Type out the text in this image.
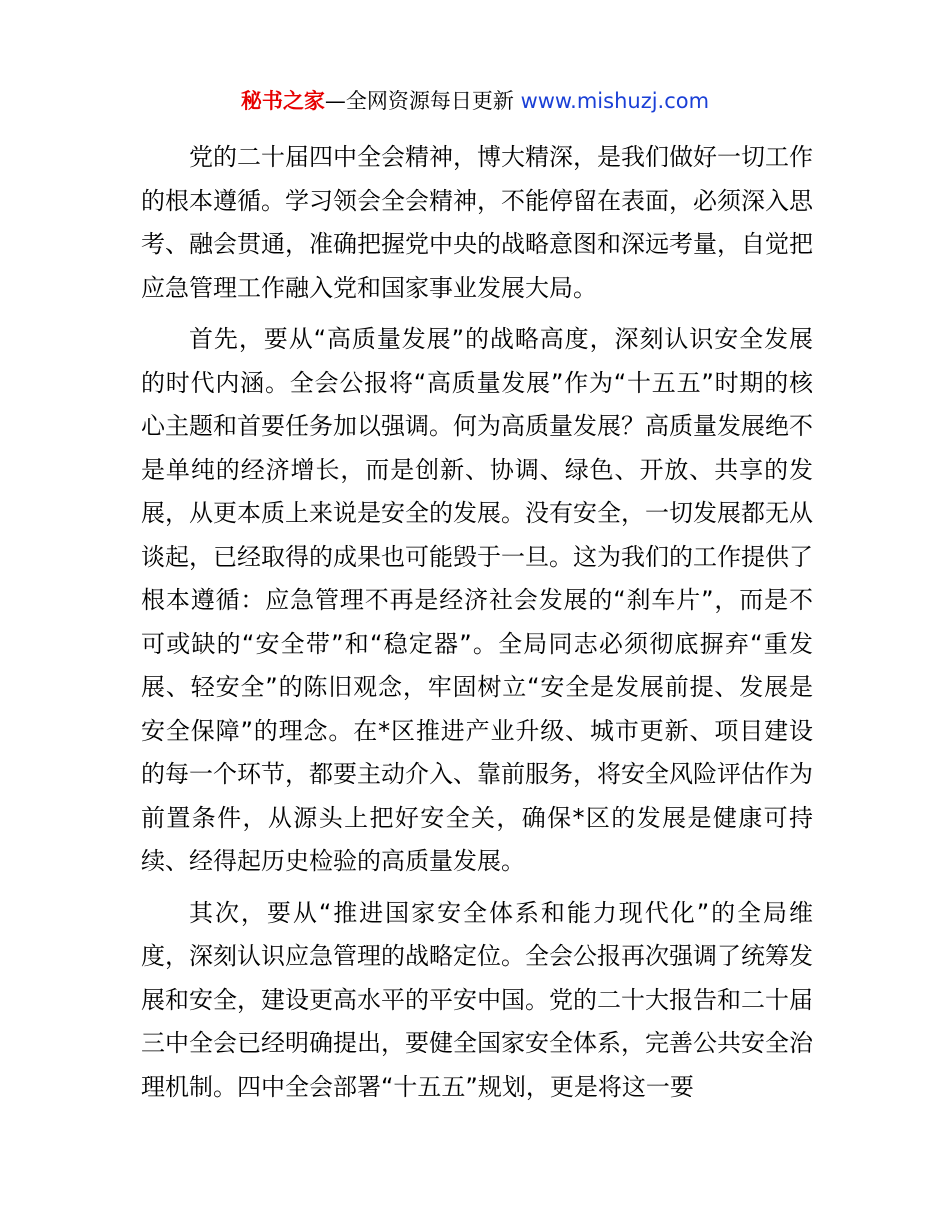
秘书之家—全网资源每日更新 www.mishuzj.com

党的二十届四中全会精神，博大精深，是我们做好一切工作的根本遵循。学习领会全会精神，不能停留在表面，必须深入思考、融会贯通，准确把握党中央的战略意图和深远考量，自觉把应急管理工作融入党和国家事业发展大局。

首先，要从“高质量发展”的战略高度，深刻认识安全发展的时代内涵。全会公报将“高质量发展”作为“十五五”时期的核心主题和首要任务加以强调。何为高质量发展？高质量发展绝不是单纯的经济增长，而是创新、协调、绿色、开放、共享的发展，从更本质上来说是安全的发展。没有安全，一切发展都无从谈起，已经取得的成果也可能毁于一旦。这为我们的工作提供了根本遵循：应急管理不再是经济社会发展的“刹车片”，而是不可或缺的“安全带”和“稳定器”。全局同志必须彻底摒弃“重发展、轻安全”的陈旧观念，牢固树立“安全是发展前提、发展是安全保障”的理念。在*区推进产业升级、城市更新、项目建设的每一个环节，都要主动介入、靠前服务，将安全风险评估作为前置条件，从源头上把好安全关，确保*区的发展是健康可持续、经得起历史检验的高质量发展。

其次，要从“推进国家安全体系和能力现代化”的全局维度，深刻认识应急管理的战略定位。全会公报再次强调了统筹发展和安全，建设更高水平的平安中国。党的二十大报告和二十届三中全会已经明确提出，要健全国家安全体系，完善公共安全治理机制。四中全会部署“十五五”规划，更是将这一要
